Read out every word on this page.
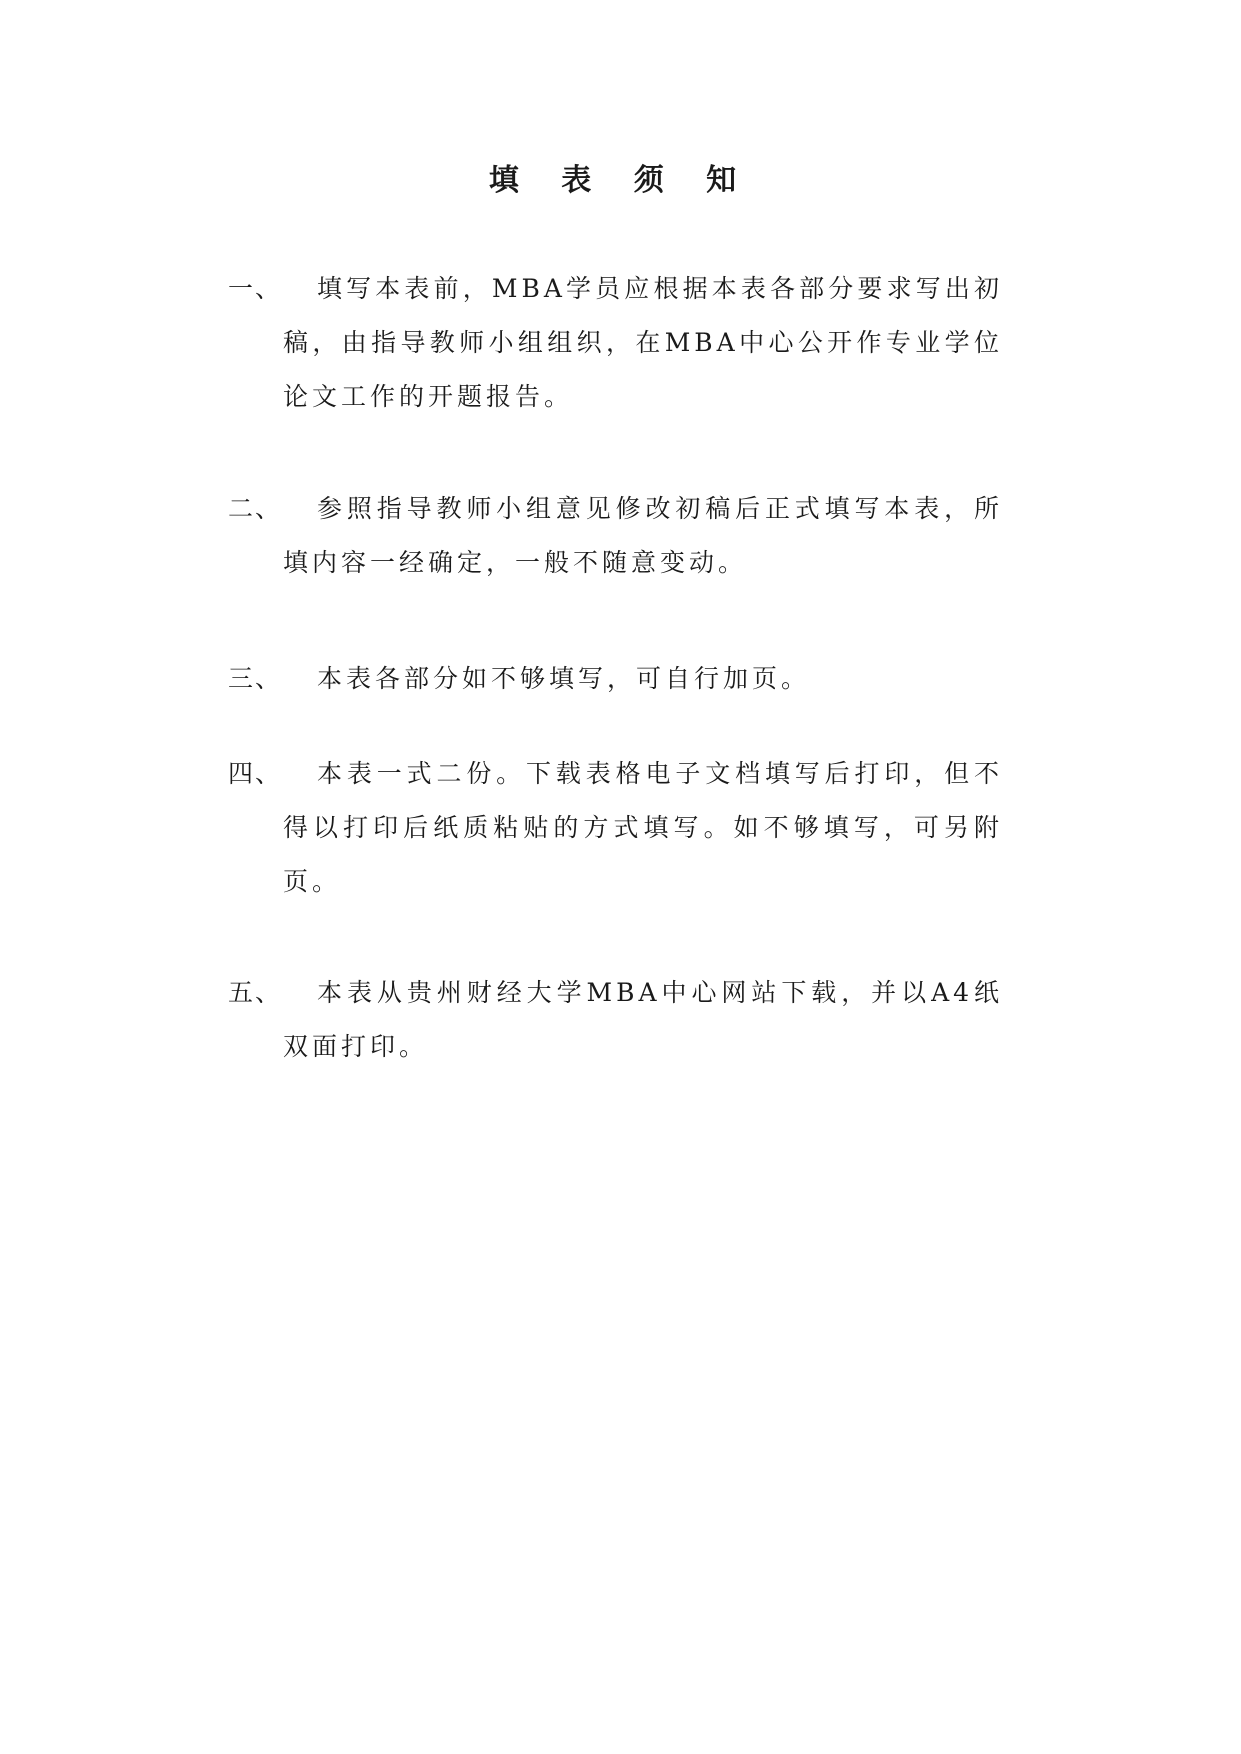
填 表 须 知
一、	填写本表前，MBA学员应根据本表各部分要求写出初稿，由指导教师小组组织，在MBA中心公开作专业学位论文工作的开题报告。
二、	参照指导教师小组意见修改初稿后正式填写本表，所填内容一经确定，一般不随意变动。
三、	本表各部分如不够填写，可自行加页。
四、	本表一式二份。下载表格电子文档填写后打印，但不得以打印后纸质粘贴的方式填写。如不够填写，可另附页。
五、	本表从贵州财经大学MBA中心网站下载，并以A4纸双面打印。
